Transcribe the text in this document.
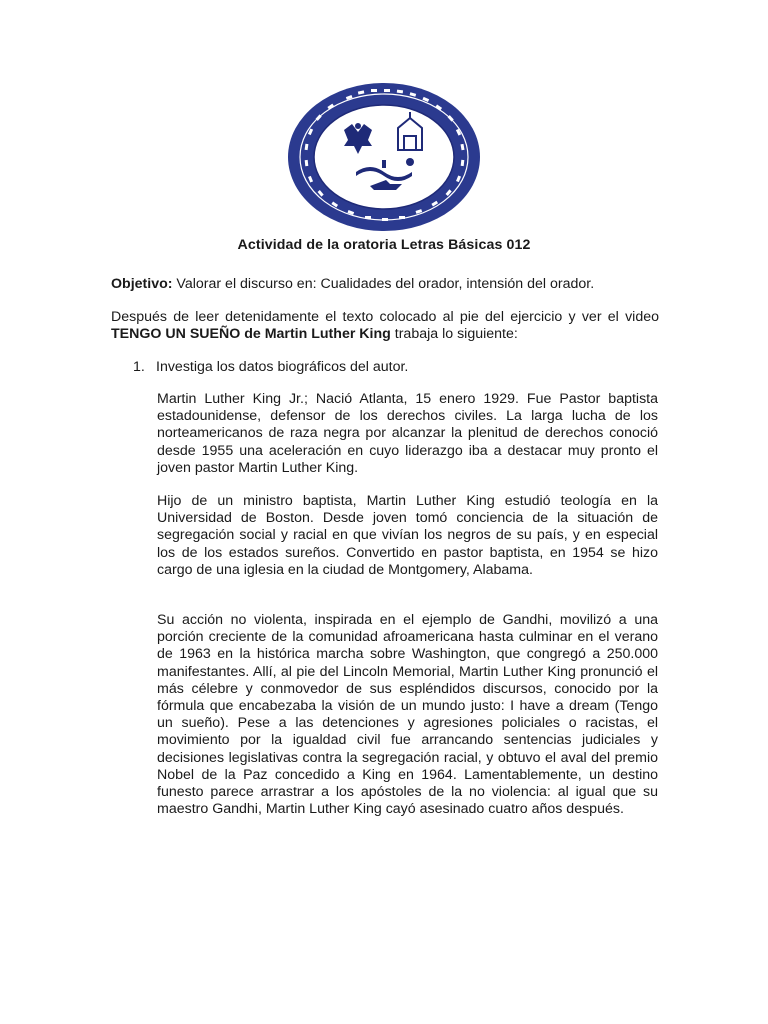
Actividad de la oratoria Letras Básicas 012
Objetivo: Valorar el discurso en: Cualidades del orador, intensión del orador.
Después de leer detenidamente el texto colocado al pie del ejercicio y ver el video TENGO UN SUEÑO de Martin Luther King trabaja lo siguiente:
1. Investiga los datos biográficos del autor.
Martin Luther King Jr.; Nació Atlanta, 15 enero 1929. Fue Pastor baptista estadounidense, defensor de los derechos civiles. La larga lucha de los norteamericanos de raza negra por alcanzar la plenitud de derechos conoció desde 1955 una aceleración en cuyo liderazgo iba a destacar muy pronto el joven pastor Martin Luther King.
Hijo de un ministro baptista, Martin Luther King estudió teología en la Universidad de Boston. Desde joven tomó conciencia de la situación de segregación social y racial en que vivían los negros de su país, y en especial los de los estados sureños. Convertido en pastor baptista, en 1954 se hizo cargo de una iglesia en la ciudad de Montgomery, Alabama.
Su acción no violenta, inspirada en el ejemplo de Gandhi, movilizó a una porción creciente de la comunidad afroamericana hasta culminar en el verano de 1963 en la histórica marcha sobre Washington, que congregó a 250.000 manifestantes. Allí, al pie del Lincoln Memorial, Martin Luther King pronunció el más célebre y conmovedor de sus espléndidos discursos, conocido por la fórmula que encabezaba la visión de un mundo justo: I have a dream (Tengo un sueño). Pese a las detenciones y agresiones policiales o racistas, el movimiento por la igualdad civil fue arrancando sentencias judiciales y decisiones legislativas contra la segregación racial, y obtuvo el aval del premio Nobel de la Paz concedido a King en 1964. Lamentablemente, un destino funesto parece arrastrar a los apóstoles de la no violencia: al igual que su maestro Gandhi, Martin Luther King cayó asesinado cuatro años después.
